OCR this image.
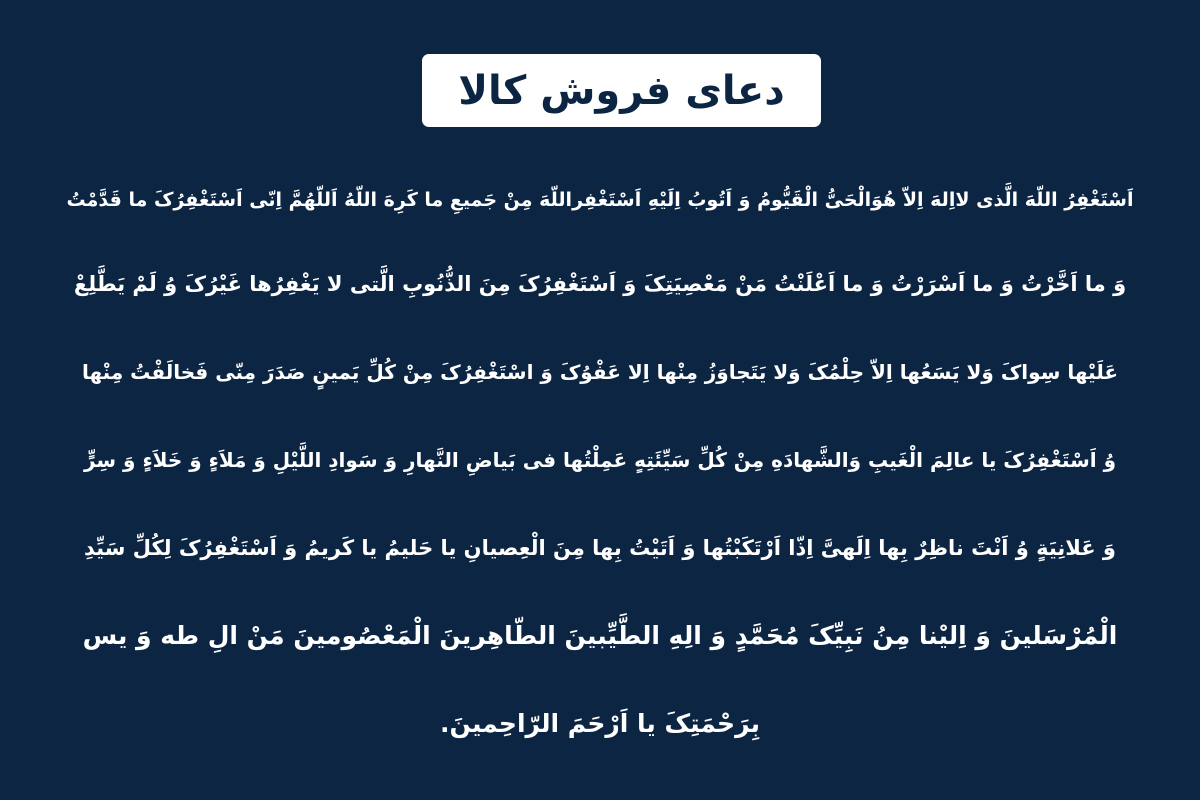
دعای فروش کالا
اَسْتَغْفِرُ اللّهَ الَّذی لااِلهَ اِلاّ هُوَالْحَیُّ الْقَیُّومُ وَ اَتُوبُ اِلَیْهِ اَسْتَغْفِراللّهَ مِنْ جَمیعِ ما کَرِهَ اللّهُ اَللّهُمَّ اِنّی اَسْتَغْفِرُکَ ما قَدَّمْتُ
وَ ما اَخَّرْتُ وَ ما اَسْرَرْتُ وَ ما اَعْلَنْتُ مَنْ مَعْصِیَتِکَ وَ اَسْتَغْفِرُکَ مِنَ الذُّنُوبِ الَّتی لا یَغْفِرُها غَیْرُکَ وُ لَمْ یَطَّلِعْ
عَلَیْها سِواکَ وَلا یَسَعُها اِلاّ حِلْمُکَ وَلا یَتَجاوَزُ مِنْها اِلا عَفْوُکَ وَ اسْتَغْفِرُکَ مِنْ کُلِّ یَمینٍ صَدَرَ مِنّی فَخالَفْتُ مِنْها
وُ اَسْتَغْفِرُکَ یا عالِمَ الْغَیبِ وَالشَّهادَهِ مِنْ کُلِّ سَیِّئَتِهٍ عَمِلْتُها فی بَیاضِ النَّهارِ وَ سَوادِ اللَّیْلِ وَ مَلاَءٍ وَ خَلاَءٍ وَ سِرٍّ
وَ عَلانِیَةٍ وُ اَنْتَ ناظِرٌ بِها اِلَهیَّ اِذّا اَرْتَکَبْتُها وَ اَتَیْتُ بِها مِنَ الْعِصیانِ یا حَلیمُ یا کَریمُ وَ اَسْتَغْفِرُکَ لِکُلِّ سَیِّدِ
الْمُرْسَلینَ وَ اِلیْنا مِنُ نَبِیِّکَ مُحَمَّدٍ وَ الِهِ الطَّیِّبینَ الطّاهِرینَ الْمَعْصُومینَ مَنْ الِ طه وَ یس
بِرَحْمَتِکَ یا اَرْحَمَ الرّاحِمینَ.
